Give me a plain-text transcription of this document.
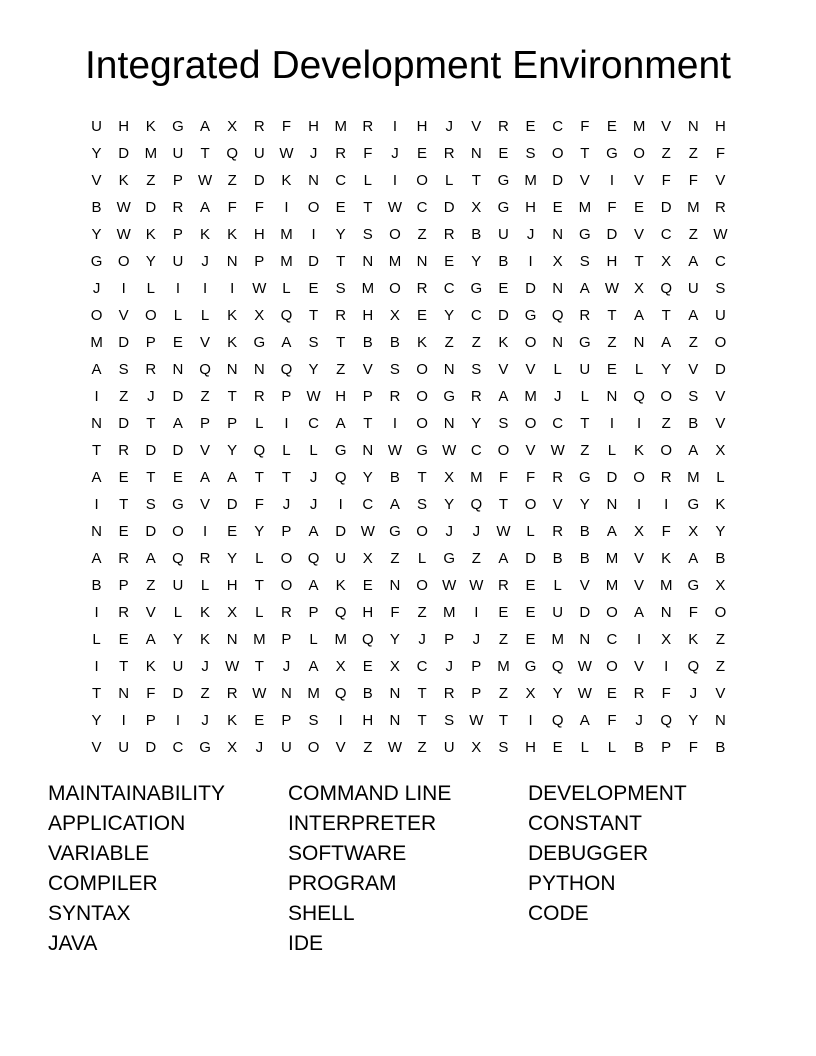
Integrated Development Environment
U	H	K	G	A	X	R	F	H	M	R	I	H	J	V	R	E	C	F	E	M	V	N	H
Y	D	M	U	T	Q	U W	J	R	F	J	E	R	N	E	S	O	T	G	O	Z	Z	F
V	K	Z	P	W	Z	D	K	N	C	L	I	O	L	T	G	M	D	V	I	V	F	F	V
B	W D	R	A	F	F	I	O	E	T	W C	D	X	G	H	E	M	F	E	D	M	R
Y	W	K	P	K	K	H	M	I	Y	S	O	Z	R	B	U	J	N	G	D	V	C	Z	W
G	O	Y	U	J	N	P	M	D	T	N	M	N	E	Y	B	I	X	S	H	T	X	A	C
J	I	L	I	I	I	W	L	E	S	M	O	R	C	G	E	D	N	A	W	X	Q	U	S
O	V	O	L	L	K	X	Q	T	R	H	X	E	Y	C	D	G	Q	R	T	A	T	A	U
M	D	P	E	V	K	G	A	S	T	B	B	K	Z	Z	K	O	N	G	Z	N	A	Z	O
A	S	R	N	Q	N	N	Q	Y	Z	V	S	O	N	S	V	V	L	U	E	L	Y	V	D
I	Z	J	D	Z	T	R	P	W H	P	R	O	G	R	A	M	J	L	N	Q	O	S	V
N	D	T	A	P	P	L	I	C	A	T	I	O	N	Y	S	O	C	T	I	I	Z	B	V
T	R	D	D	V	Y	Q	L	L	G	N W G W C	O	V	W	Z	L	K	O	A	X
A	E	T	E	A	A	T	T	J	Q	Y	B	T	X	M	F	F	R	G	D	O	R	M	L
I	T	S	G	V	D	F	J	J	I	C	A	S	Y	Q	T	O	V	Y	N	I	I	G	K
N	E	D	O	I	E	Y	P	A	D W G	O	J	J	W	L	R	B	A	X	F	X	Y
A	R	A	Q	R	Y	L	O	Q	U	X	Z	L	G	Z	A	D	B	B	M	V	K	A	B
B	P	Z	U	L	H	T	O	A	K	E	N	O W W R	E	L	V	M	V	M	G	X
I	R	V	L	K	X	L	R	P	Q	H	F	Z	M	I	E	E	U	D	O	A	N	F	O
L	E	A	Y	K	N	M	P	L	M	Q	Y	J	P	J	Z	E	M	N	C	I	X	K	Z
I	T	K	U	J	W	T	J	A	X	E	X	C	J	P	M	G	Q W O	V	I	Q	Z
T	N	F	D	Z	R W N	M	Q	B	N	T	R	P	Z	X	Y	W	E	R	F	J	V
Y	I	P	I	J	K	E	P	S	I	H	N	T	S	W	T	I	Q	A	F	J	Q	Y	N
V	U	D	C	G	X	J	U	O	V	Z	W	Z	U	X	S	H	E	L	L	B	P	F	B
MAINTAINABILITY
APPLICATION
VARIABLE
COMPILER
SYNTAX
JAVA
COMMAND LINE
INTERPRETER
SOFTWARE
PROGRAM
SHELL
IDE
DEVELOPMENT
CONSTANT
DEBUGGER
PYTHON
CODE
